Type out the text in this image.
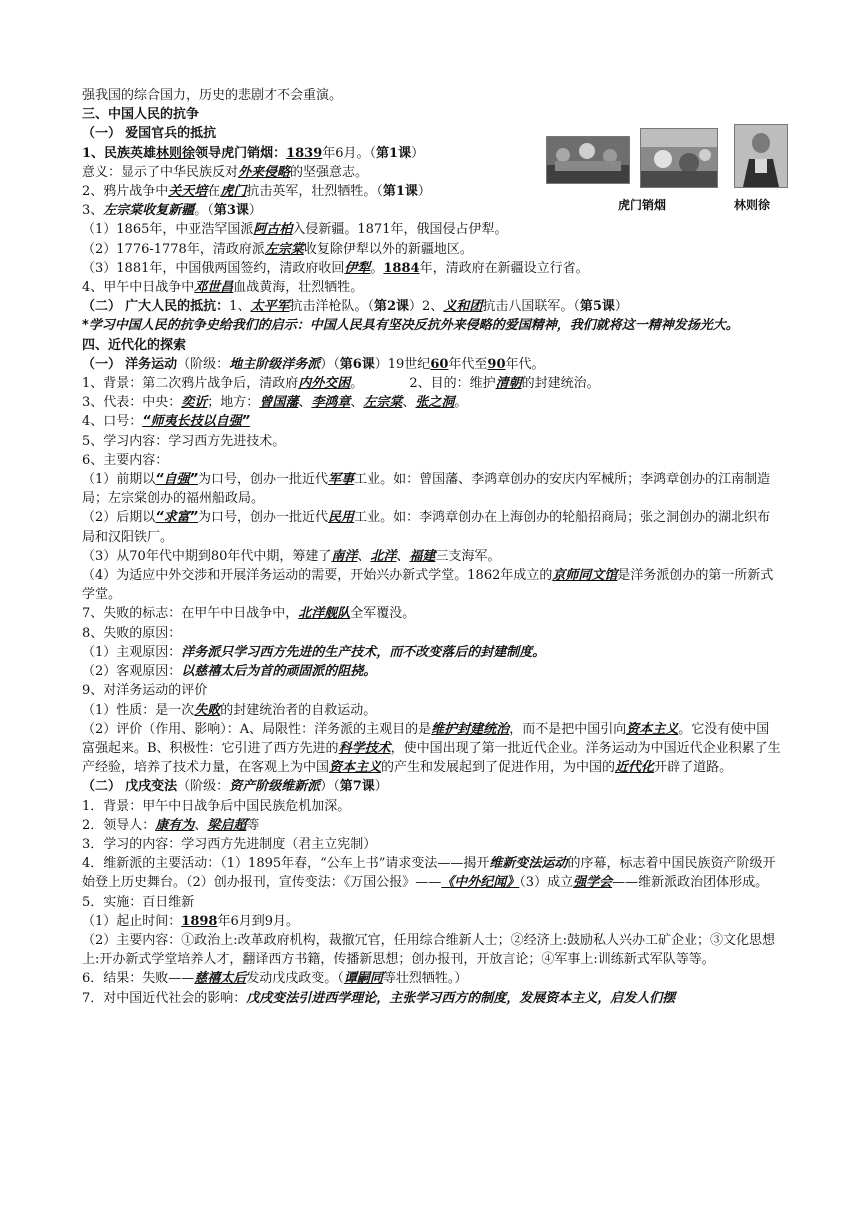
强我国的综合国力，历史的悲剧才不会重演。
三、中国人民的抗争
（一） 爱国官兵的抵抗
1、民族英雄林则徐领导虎门销烟：1839年6月。（第1课）
意义：显示了中华民族反对外来侵略的坚强意志。
2、鸦片战争中关天培在虎门抗击英军，壮烈牺牲。（第1课）
3、左宗棠收复新疆。（第3课）
（1）1865年，中亚浩罕国派阿古柏入侵新疆。1871年，俄国侵占伊犁。
（2）1776-1778年，清政府派左宗棠收复除伊犁以外的新疆地区。
（3）1881年，中国俄两国签约，清政府收回伊犁。1884年，清政府在新疆设立行省。
4、甲午中日战争中邓世昌血战黄海，壮烈牺牲。
（二） 广大人民的抵抗：1、太平军抗击洋枪队。（第2课）2、义和团抗击八国联军。（第5课）
*学习中国人民的抗争史给我们的启示：中国人民具有坚决反抗外来侵略的爱国精神，我们就将这一精神发扬光大。
四、近代化的探索
（一） 洋务运动（阶级：地主阶级洋务派）（第6课）19世纪60年代至90年代。
1、背景：第二次鸦片战争后，清政府内外交困。	2、目的：维护清朝的封建统治。
3、代表：中央：奕䜣；地方：曾国藩、李鸿章、左宗棠、张之洞。
4、口号：“师夷长技以自强”
5、学习内容：学习西方先进技术。
6、主要内容：
（1）前期以“自强”为口号，创办一批近代军事工业。如：曾国藩、李鸿章创办的安庆内军械所；李鸿章创办的江南制造局；左宗棠创办的福州船政局。
（2）后期以“求富”为口号，创办一批近代民用工业。如：李鸿章创办在上海创办的轮船招商局；张之洞创办的湖北织布局和汉阳铁厂。
（3）从70年代中期到80年代中期，筹建了南洋、北洋、福建三支海军。
（4）为适应中外交涉和开展洋务运动的需要，开始兴办新式学堂。1862年成立的京师同文馆是洋务派创办的第一所新式学堂。
7、失败的标志：在甲午中日战争中，北洋舰队全军覆没。
8、失败的原因：
（1）主观原因：洋务派只学习西方先进的生产技术，而不改变落后的封建制度。
（2）客观原因：以慈禧太后为首的顽固派的阻挠。
9、对洋务运动的评价
（1）性质：是一次失败的封建统治者的自救运动。
（2）评价（作用、影响）：A、局限性：洋务派的主观目的是维护封建统治，而不是把中国引向资本主义。它没有使中国富强起来。B、积极性：它引进了西方先进的科学技术，使中国出现了第一批近代企业。洋务运动为中国近代企业积累了生产经验，培养了技术力量，在客观上为中国资本主义的产生和发展起到了促进作用，为中国的近代化开辟了道路。
（二） 戊戌变法（阶级：资产阶级维新派）（第7课）
1．背景：甲午中日战争后中国民族危机加深。
2．领导人：康有为、梁启超等
3．学习的内容：学习西方先进制度（君主立宪制）
4．维新派的主要活动：（1）1895年春，“公车上书”请求变法——揭开维新变法运动的序幕，标志着中国民族资产阶级开始登上历史舞台。（2）创办报刊，宣传变法：《万国公报》——《中外纪闻》（3）成立强学会——维新派政治团体形成。
5．实施：百日维新
（1）起止时间：1898年6月到9月。
（2）主要内容：①政治上:改革政府机构，裁撤冗官，任用综合维新人士；②经济上:鼓励私人兴办工矿企业；③文化思想上:开办新式学堂培养人才，翻译西方书籍，传播新思想；创办报刊，开放言论；④军事上:训练新式军队等等。
6．结果：失败——慈禧太后发动戊戌政变。（谭嗣同等壮烈牺牲。）
7．对中国近代社会的影响：戊戌变法引进西学理论，主张学习西方的制度，发展资本主义，启发人们摆
虎门销烟	林则徐
